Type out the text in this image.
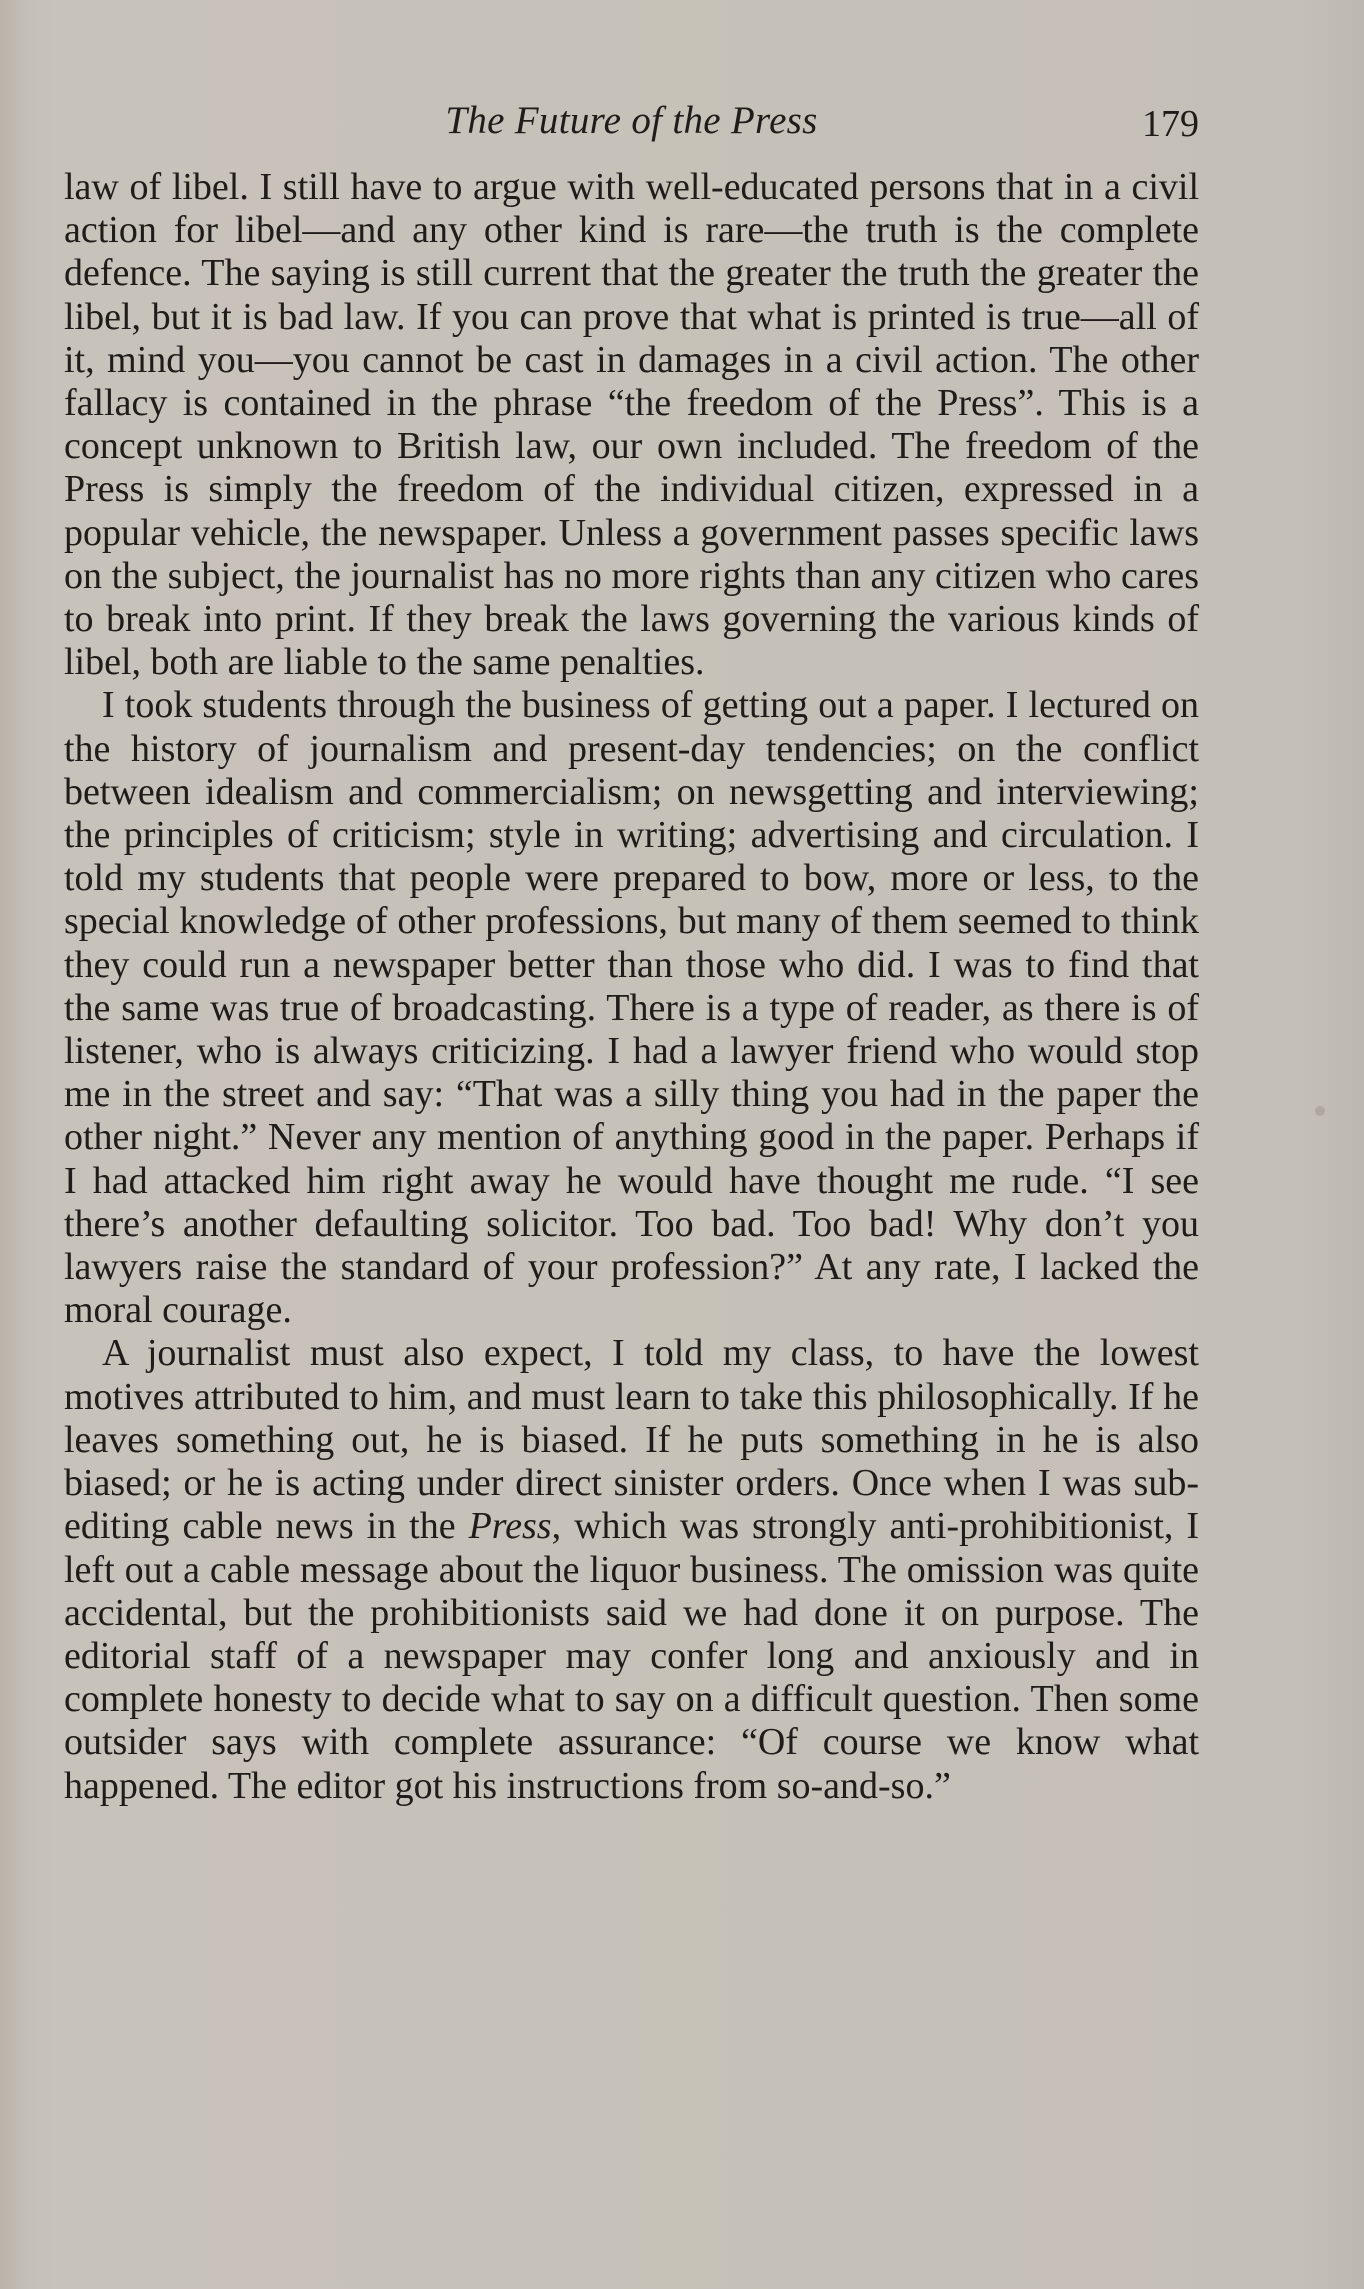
The Future of the Press	179

law of libel. I still have to argue with well-educated persons that in a civil action for libel—and any other kind is rare—the truth is the complete defence. The saying is still current that the greater the truth the greater the libel, but it is bad law. If you can prove that what is printed is true—all of it, mind you—you cannot be cast in damages in a civil action. The other fallacy is contained in the phrase “the freedom of the Press”. This is a concept unknown to British law, our own included. The freedom of the Press is simply the freedom of the individual citizen, expressed in a popular vehicle, the newspaper. Unless a government passes specific laws on the subject, the journalist has no more rights than any citizen who cares to break into print. If they break the laws governing the various kinds of libel, both are liable to the same penalties.

I took students through the business of getting out a paper. I lectured on the history of journalism and present-day tendencies; on the conflict between idealism and commercialism; on newsgetting and interviewing; the principles of criticism; style in writing; advertising and circulation. I told my students that people were prepared to bow, more or less, to the special knowledge of other professions, but many of them seemed to think they could run a newspaper better than those who did. I was to find that the same was true of broadcasting. There is a type of reader, as there is of listener, who is always criticizing. I had a lawyer friend who would stop me in the street and say: “That was a silly thing you had in the paper the other night.” Never any mention of anything good in the paper. Perhaps if I had attacked him right away he would have thought me rude. “I see there’s another defaulting solicitor. Too bad. Too bad! Why don’t you lawyers raise the standard of your profession?” At any rate, I lacked the moral courage.

A journalist must also expect, I told my class, to have the lowest motives attributed to him, and must learn to take this philosophically. If he leaves something out, he is biased. If he puts something in he is also biased; or he is acting under direct sinister orders. Once when I was sub-editing cable news in the Press, which was strongly anti-prohibitionist, I left out a cable message about the liquor business. The omission was quite accidental, but the prohibitionists said we had done it on purpose. The editorial staff of a newspaper may confer long and anxiously and in complete honesty to decide what to say on a difficult question. Then some outsider says with complete assurance: “Of course we know what happened. The editor got his instructions from so-and-so.”
